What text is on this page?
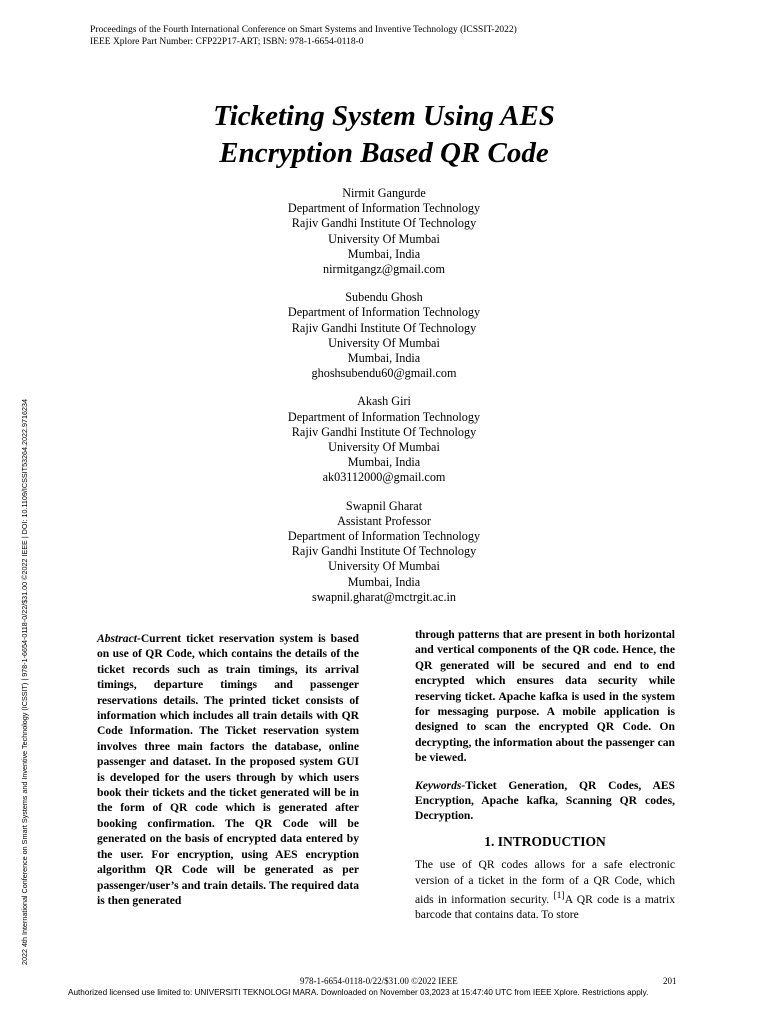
Proceedings of the Fourth International Conference on Smart Systems and Inventive Technology (ICSSIT-2022)
IEEE Xplore Part Number: CFP22P17-ART; ISBN: 978-1-6654-0118-0
2022 4th International Conference on Smart Systems and Inventive Technology (ICSSIT) | 978-1-6654-0118-0/22/$31.00 ©2022 IEEE | DOI: 10.1109/ICSSIT53264.2022.9716234
Ticketing System Using AES
Encryption Based QR Code
Nirmit Gangurde
Department of Information Technology
Rajiv Gandhi Institute Of Technology
University Of Mumbai
Mumbai, India
nirmitgangz@gmail.com
Subendu Ghosh
Department of Information Technology
Rajiv Gandhi Institute Of Technology
University Of Mumbai
Mumbai, India
ghoshsubendu60@gmail.com
Akash Giri
Department of Information Technology
Rajiv Gandhi Institute Of Technology
University Of Mumbai
Mumbai, India
ak03112000@gmail.com
Swapnil Gharat
Assistant Professor
Department of Information Technology
Rajiv Gandhi Institute Of Technology
University Of Mumbai
Mumbai, India
swapnil.gharat@mctrgit.ac.in

Abstract-Current ticket reservation system is based on use of QR Code, which contains the details of the ticket records such as train timings, its arrival timings, departure timings and passenger reservations details. The printed ticket consists of information which includes all train details with QR Code Information. The Ticket reservation system involves three main factors the database, online passenger and dataset. In the proposed system GUI is developed for the users through by which users book their tickets and the ticket generated will be in the form of QR code which is generated after booking confirmation. The QR Code will be generated on the basis of encrypted data entered by the user. For encryption, using AES encryption algorithm QR Code will be generated as per passenger/user’s and train details. The required data is then generated

through patterns that are present in both horizontal and vertical components of the QR code. Hence, the QR generated will be secured and end to end encrypted which ensures data security while reserving ticket. Apache kafka is used in the system for messaging purpose. A mobile application is designed to scan the encrypted QR Code. On decrypting, the information about the passenger can be viewed.

Keywords-Ticket Generation, QR Codes, AES Encryption, Apache kafka, Scanning QR codes, Decryption.

1. INTRODUCTION

The use of QR codes allows for a safe electronic version of a ticket in the form of a QR Code, which aids in information security. [1]A QR code is a matrix barcode that contains data. To store

978-1-6654-0118-0/22/$31.00 ©2022 IEEE	201
Authorized licensed use limited to: UNIVERSITI TEKNOLOGI MARA. Downloaded on November 03,2023 at 15:47:40 UTC from IEEE Xplore. Restrictions apply.
